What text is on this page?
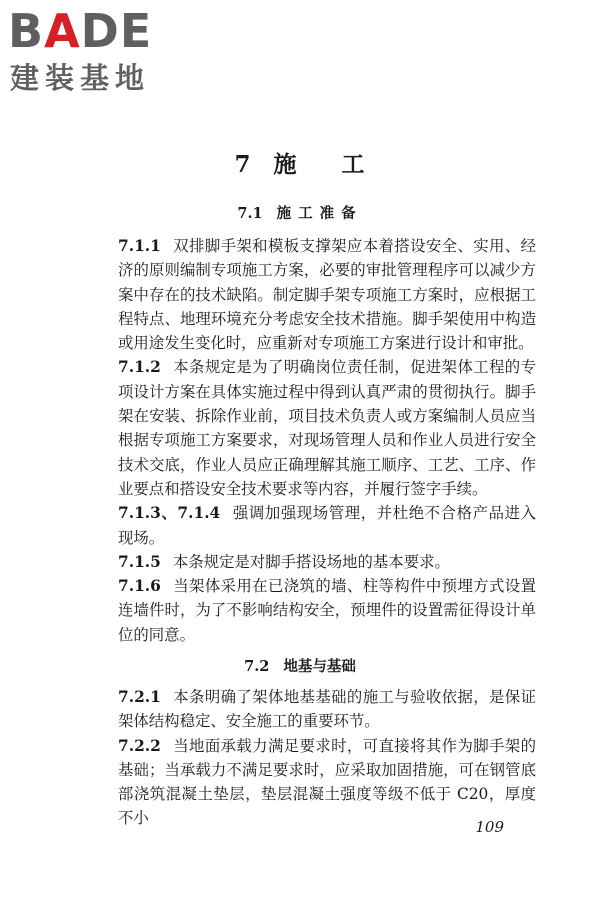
BADE
建装基地
7 施 工
7.1 施工准备

7.1.1 双排脚手架和模板支撑架应本着搭设安全、实用、经济的原则编制专项施工方案，必要的审批管理程序可以减少方案中存在的技术缺陷。制定脚手架专项施工方案时，应根据工程特点、地理环境充分考虑安全技术措施。脚手架使用中构造或用途发生变化时，应重新对专项施工方案进行设计和审批。

7.1.2 本条规定是为了明确岗位责任制，促进架体工程的专项设计方案在具体实施过程中得到认真严肃的贯彻执行。脚手架在安装、拆除作业前，项目技术负责人或方案编制人员应当根据专项施工方案要求，对现场管理人员和作业人员进行安全技术交底，作业人员应正确理解其施工顺序、工艺、工序、作业要点和搭设安全技术要求等内容，并履行签字手续。

7.1.3、7.1.4 强调加强现场管理，并杜绝不合格产品进入现场。

7.1.5 本条规定是对脚手搭设场地的基本要求。

7.1.6 当架体采用在已浇筑的墙、柱等构件中预埋方式设置连墙件时，为了不影响结构安全，预埋件的设置需征得设计单位的同意。

7.2 地基与基础

7.2.1 本条明确了架体地基基础的施工与验收依据，是保证架体结构稳定、安全施工的重要环节。

7.2.2 当地面承载力满足要求时，可直接将其作为脚手架的基础；当承载力不满足要求时，应采取加固措施，可在钢管底部浇筑混凝土垫层，垫层混凝土强度等级不低于 C20，厚度不小	109
